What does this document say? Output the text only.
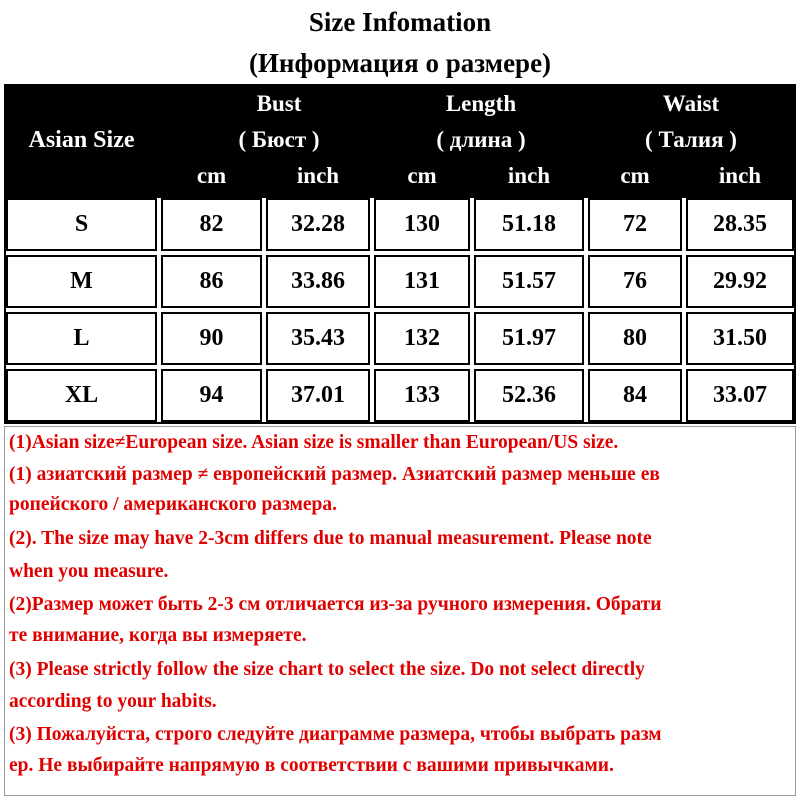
Size Infomation
(Информация о размере)
Asian Size
Bust
( Бюст )
Length
( длина )
Waist
( Талия )
cm	inch	cm	inch	cm	inch
S	82	32.28	130	51.18	72	28.35
M	86	33.86	131	51.57	76	29.92
L	90	35.43	132	51.97	80	31.50
XL	94	37.01	133	52.36	84	33.07
(1)Asian size≠European size. Asian size is smaller than European/US size.
(1) азиатский размер ≠ европейский размер. Азиатский размер меньше ев
ропейского / американского размера.
(2). The size may have 2-3cm differs due to manual measurement. Please note
when you measure.
(2)Размер может быть 2-3 см отличается из-за ручного измерения. Обрати
те внимание, когда вы измеряете.
(3) Please strictly follow the size chart to select the size. Do not select directly
according to your habits.
(3) Пожалуйста, строго следуйте диаграмме размера, чтобы выбрать разм
ер. Не выбирайте напрямую в соответствии с вашими привычками.
